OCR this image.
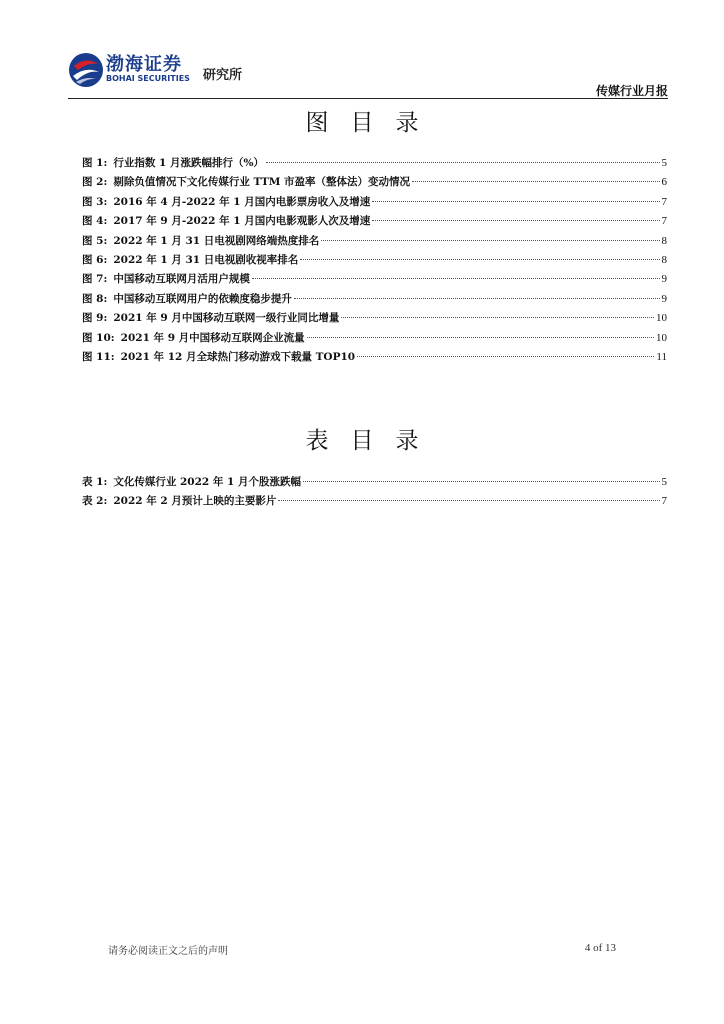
渤海证券
BOHAI SECURITIES 研究所
传媒行业月报
图目录
图 1: 行业指数 1 月涨跌幅排行（%）	5
图 2: 剔除负值情况下文化传媒行业 TTM 市盈率（整体法）变动情况	6
图 3: 2016 年 4 月-2022 年 1 月国内电影票房收入及增速	7
图 4: 2017 年 9 月-2022 年 1 月国内电影观影人次及增速	7
图 5: 2022 年 1 月 31 日电视剧网络端热度排名	8
图 6: 2022 年 1 月 31 日电视剧收视率排名	8
图 7: 中国移动互联网月活用户规模	9
图 8: 中国移动互联网用户的依赖度稳步提升	9
图 9: 2021 年 9 月中国移动互联网一级行业同比增量	10
图 10: 2021 年 9 月中国移动互联网企业流量	10
图 11: 2021 年 12 月全球热门移动游戏下载量 TOP10	11
表目录
表 1: 文化传媒行业 2022 年 1 月个股涨跌幅	5
表 2: 2022 年 2 月预计上映的主要影片	7
请务必阅读正文之后的声明	4 of 13
